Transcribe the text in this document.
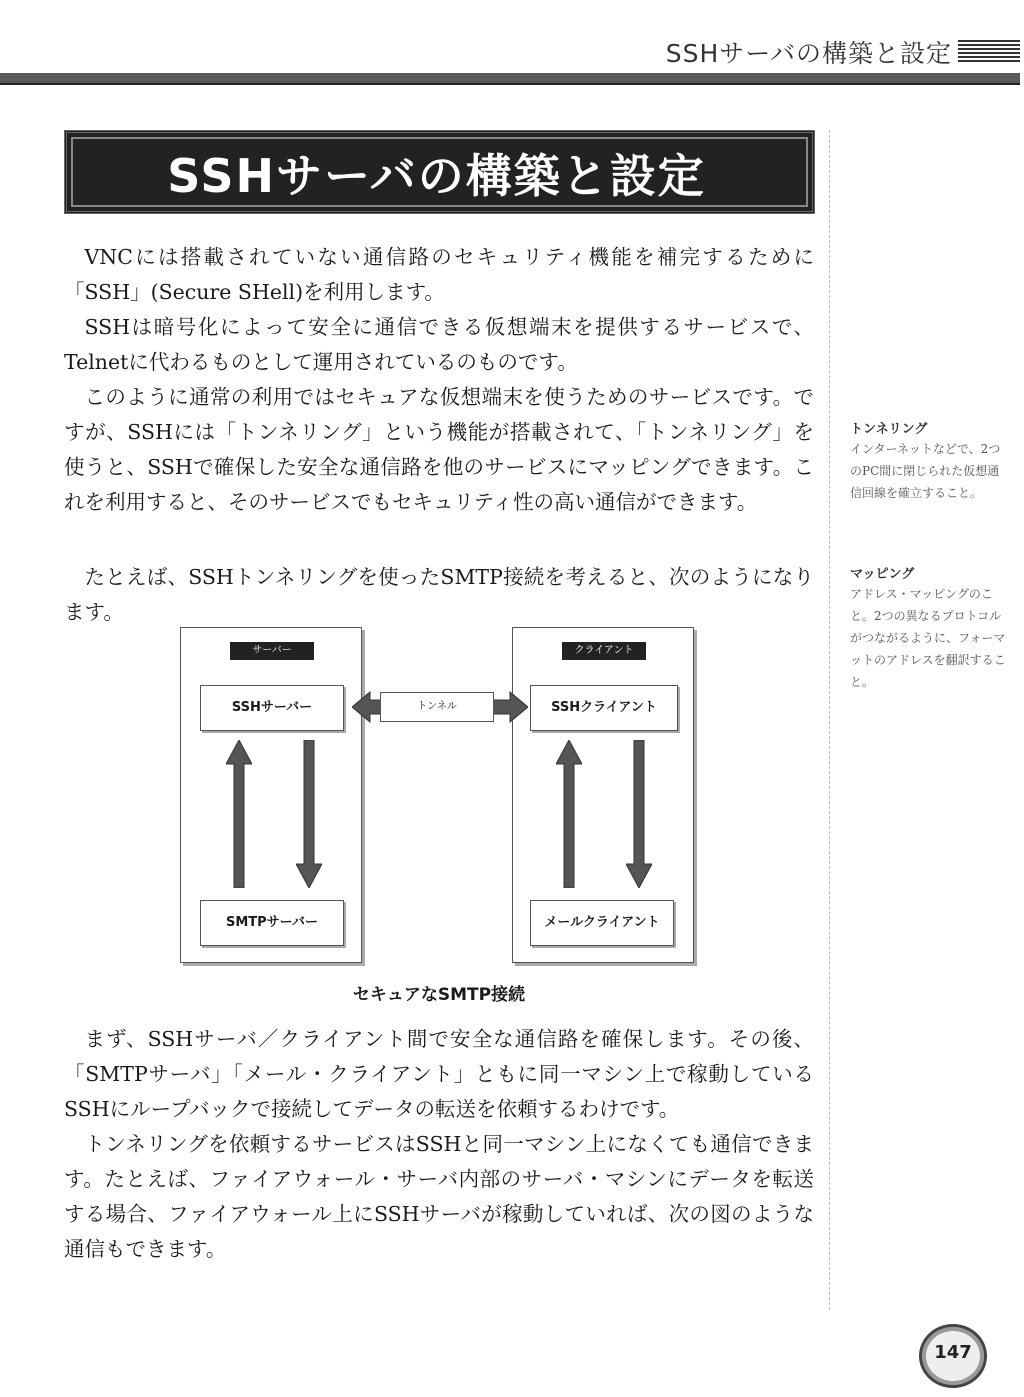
SSHサーバの構築と設定
SSHサーバの構築と設定
VNCには搭載されていない通信路のセキュリティ機能を補完するために「SSH」(Secure SHell)を利用します。
SSHは暗号化によって安全に通信できる仮想端末を提供するサービスで、Telnetに代わるものとして運用されているのものです。
このように通常の利用ではセキュアな仮想端末を使うためのサービスです。ですが、SSHには「トンネリング」という機能が搭載されて、「トンネリング」を使うと、SSHで確保した安全な通信路を他のサービスにマッピングできます。これを利用すると、そのサービスでもセキュリティ性の高い通信ができます。
たとえば、SSHトンネリングを使ったSMTP接続を考えると、次のようになります。
トンネリング
インターネットなどで、2つのPC間に閉じられた仮想通信回線を確立すること。
マッピング
アドレス・マッピングのこと。2つの異なるプロトコルがつながるように、フォーマットのアドレスを翻訳すること。
サーバー	クライアント
SSHサーバー	SSHクライアント
SMTPサーバー	メールクライアント
トンネル
セキュアなSMTP接続
まず、SSHサーバ／クライアント間で安全な通信路を確保します。その後、「SMTPサーバ」「メール・クライアント」ともに同一マシン上で稼動しているSSHにループバックで接続してデータの転送を依頼するわけです。
トンネリングを依頼するサービスはSSHと同一マシン上になくても通信できます。たとえば、ファイアウォール・サーバ内部のサーバ・マシンにデータを転送する場合、ファイアウォール上にSSHサーバが稼動していれば、次の図のような通信もできます。
147
